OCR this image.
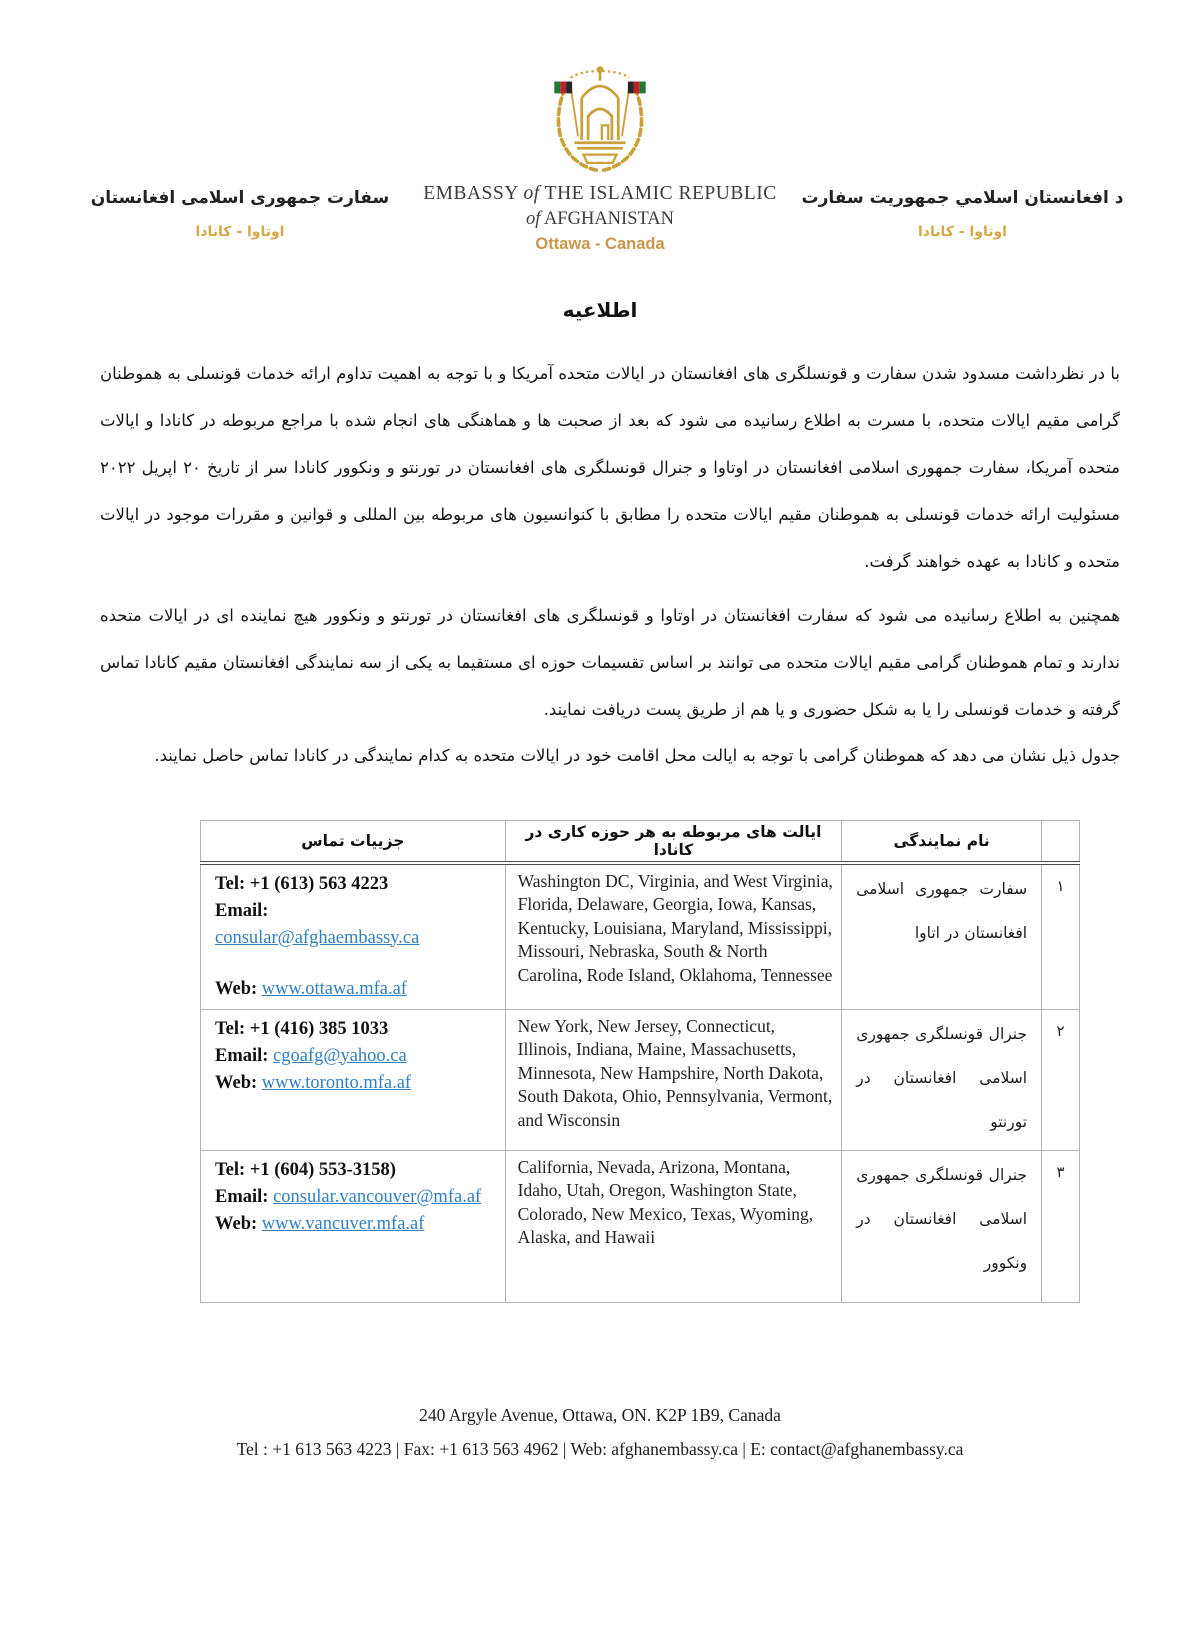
سفارت جمهوری اسلامی افغانستان
اوتاوا - کانادا
EMBASSY of THE ISLAMIC REPUBLIC
of AFGHANISTAN
Ottawa - Canada
د افغانستان اسلامي جمهوريت سفارت
اوتاوا - کانادا
اطلاعیه
با در نظرداشت مسدود شدن سفارت و قونسلگری های افغانستان در ایالات متحده آمریکا و با توجه به اهمیت تداوم ارائه خدمات قونسلی به هموطنان گرامی مقیم ایالات متحده، با مسرت به اطلاع رسانیده می شود که بعد از صحبت ها و هماهنگی های انجام شده با مراجع مربوطه در کانادا و ایالات متحده آمریکا، سفارت جمهوری اسلامی افغانستان در اوتاوا و جنرال قونسلگری های افغانستان در تورنتو و ونکوور کانادا سر از تاریخ ۲۰ اپریل ۲۰۲۲ مسئولیت ارائه خدمات قونسلی به هموطنان مقیم ایالات متحده را مطابق با کنوانسیون های مربوطه بین المللی و قوانین و مقررات موجود در ایالات متحده و کانادا به عهده خواهند گرفت.
همچنین به اطلاع رسانیده می شود که سفارت افغانستان در اوتاوا و قونسلگری های افغانستان در تورنتو و ونکوور هیچ نماینده ای در ایالات متحده ندارند و تمام هموطنان گرامی مقیم ایالات متحده می توانند بر اساس تقسیمات حوزه ای مستقیما به یکی از سه نمایندگی افغانستان مقیم کانادا تماس گرفته و خدمات قونسلی را یا به شکل حضوری و یا هم از طریق پست دریافت نمایند.
جدول ذیل نشان می دهد که هموطنان گرامی با توجه به ایالت محل اقامت خود در ایالات متحده به کدام نمایندگی در کانادا تماس حاصل نمایند.
	نام نمایندگی	ایالت های مربوطه به هر حوزه کاری در کانادا	جزییات تماس
۱	سفارت جمهوری اسلامی افغانستان در اتاوا	Washington DC, Virginia, and West Virginia, Florida, Delaware, Georgia, Iowa, Kansas, Kentucky, Louisiana, Maryland, Mississippi, Missouri, Nebraska, South & North Carolina, Rode Island, Oklahoma, Tennessee	
Tel: +1 (613) 563 4223
Email:
consular@afghaembassy.ca
Web: www.ottawa.mfa.af

۲	جنرال قونسلگری جمهوری اسلامی افغانستان در تورنتو	New York, New Jersey, Connecticut, Illinois, Indiana, Maine, Massachusetts, Minnesota, New Hampshire, North Dakota, South Dakota, Ohio, Pennsylvania, Vermont, and Wisconsin	Tel: +1 (416) 385 1033
Email: cgoafg@yahoo.ca
Web: www.toronto.mfa.af

۳	جنرال قونسلگری جمهوری اسلامی افغانستان در ونکوور	California, Nevada, Arizona, Montana, Idaho, Utah, Oregon, Washington State, Colorado, New Mexico, Texas, Wyoming, Alaska, and Hawaii	Tel: +1 (604) 553-3158)
Email: consular.vancouver@mfa.af
Web: www.vancuver.mfa.af
240 Argyle Avenue, Ottawa, ON. K2P 1B9, Canada
Tel : +1 613 563 4223 | Fax: +1 613 563 4962 | Web: afghanembassy.ca | E: contact@afghanembassy.ca
